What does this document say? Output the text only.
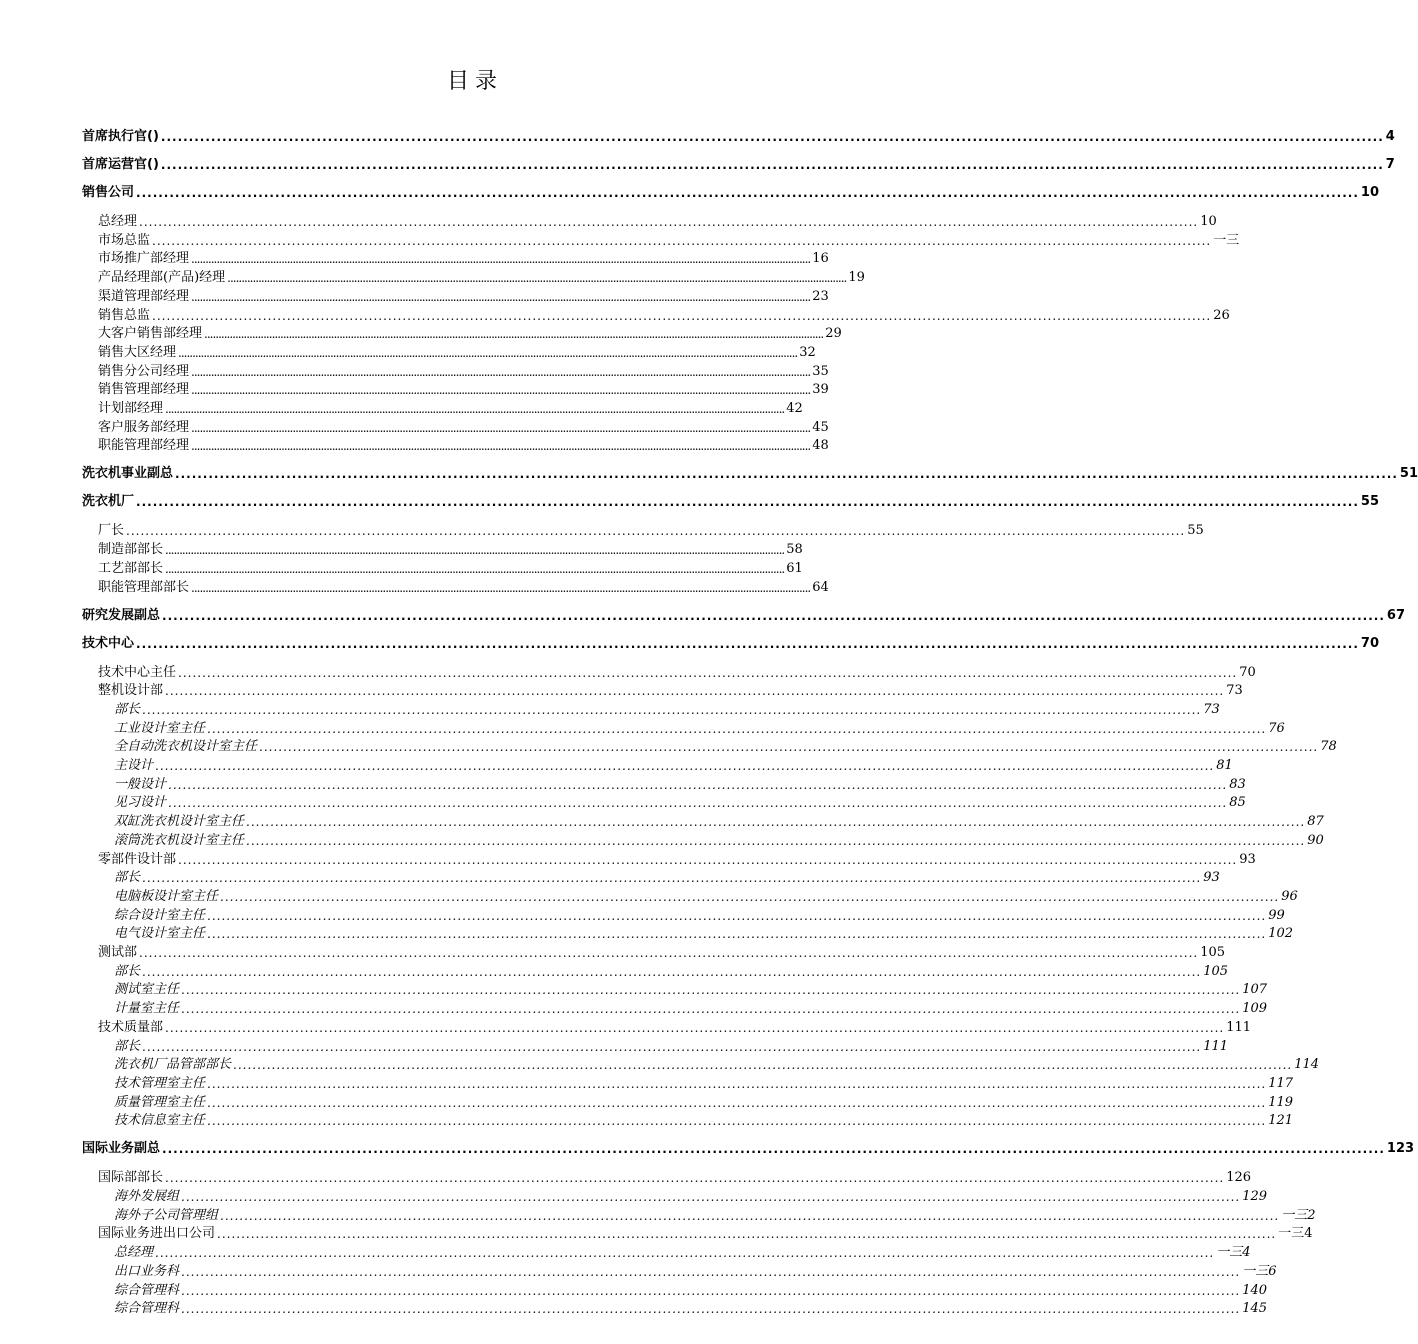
目录
首席执行官() ............................................................................................................................................................................................................................ 4
首席运营官() ............................................................................................................................................................................................................................ 7
销售公司 ............................................................................................................................................................................................................................ 10
总经理 ............................................................................................................................................................................................................................ 10
市场总监 ............................................................................................................................................................................................................................ 一三
市场推广部经理 ............................................................................................................................................................................................................................ 16
产品经理部(产品)经理 ............................................................................................................................................................................................................................ 19
渠道管理部经理 ............................................................................................................................................................................................................................ 23
销售总监 ............................................................................................................................................................................................................................ 26
大客户销售部经理 ............................................................................................................................................................................................................................ 29
销售大区经理 ............................................................................................................................................................................................................................ 32
销售分公司经理 ............................................................................................................................................................................................................................ 35
销售管理部经理 ............................................................................................................................................................................................................................ 39
计划部经理 ............................................................................................................................................................................................................................ 42
客户服务部经理 ............................................................................................................................................................................................................................ 45
职能管理部经理 ............................................................................................................................................................................................................................ 48
洗衣机事业副总 ............................................................................................................................................................................................................................ 51
洗衣机厂 ............................................................................................................................................................................................................................ 55
厂长 ............................................................................................................................................................................................................................ 55
制造部部长 ............................................................................................................................................................................................................................ 58
工艺部部长 ............................................................................................................................................................................................................................ 61
职能管理部部长 ............................................................................................................................................................................................................................ 64
研究发展副总 ............................................................................................................................................................................................................................ 67
技术中心 ............................................................................................................................................................................................................................ 70
技术中心主任 ............................................................................................................................................................................................................................ 70
整机设计部 ............................................................................................................................................................................................................................ 73
部长 ............................................................................................................................................................................................................................ 73
工业设计室主任 ............................................................................................................................................................................................................................ 76
全自动洗衣机设计室主任 ............................................................................................................................................................................................................................ 78
主设计 ............................................................................................................................................................................................................................ 81
一般设计 ............................................................................................................................................................................................................................ 83
见习设计 ............................................................................................................................................................................................................................ 85
双缸洗衣机设计室主任 ............................................................................................................................................................................................................................ 87
滚筒洗衣机设计室主任 ............................................................................................................................................................................................................................ 90
零部件设计部 ............................................................................................................................................................................................................................ 93
部长 ............................................................................................................................................................................................................................ 93
电脑板设计室主任 ............................................................................................................................................................................................................................ 96
综合设计室主任 ............................................................................................................................................................................................................................ 99
电气设计室主任 ............................................................................................................................................................................................................................ 102
测试部 ............................................................................................................................................................................................................................ 105
部长 ............................................................................................................................................................................................................................ 105
测试室主任 ............................................................................................................................................................................................................................ 107
计量室主任 ............................................................................................................................................................................................................................ 109
技术质量部 ............................................................................................................................................................................................................................ 111
部长 ............................................................................................................................................................................................................................ 111
洗衣机厂品管部部长 ............................................................................................................................................................................................................................ 114
技术管理室主任 ............................................................................................................................................................................................................................ 117
质量管理室主任 ............................................................................................................................................................................................................................ 119
技术信息室主任 ............................................................................................................................................................................................................................ 121
国际业务副总 ............................................................................................................................................................................................................................ 123
国际部部长 ............................................................................................................................................................................................................................ 126
海外发展组 ............................................................................................................................................................................................................................ 129
海外子公司管理组 ............................................................................................................................................................................................................................ 一三2
国际业务进出口公司 ............................................................................................................................................................................................................................ 一三4
总经理 ............................................................................................................................................................................................................................ 一三4
出口业务科 ............................................................................................................................................................................................................................ 一三6
综合管理科 ............................................................................................................................................................................................................................ 140
综合管理科 ............................................................................................................................................................................................................................ 145
